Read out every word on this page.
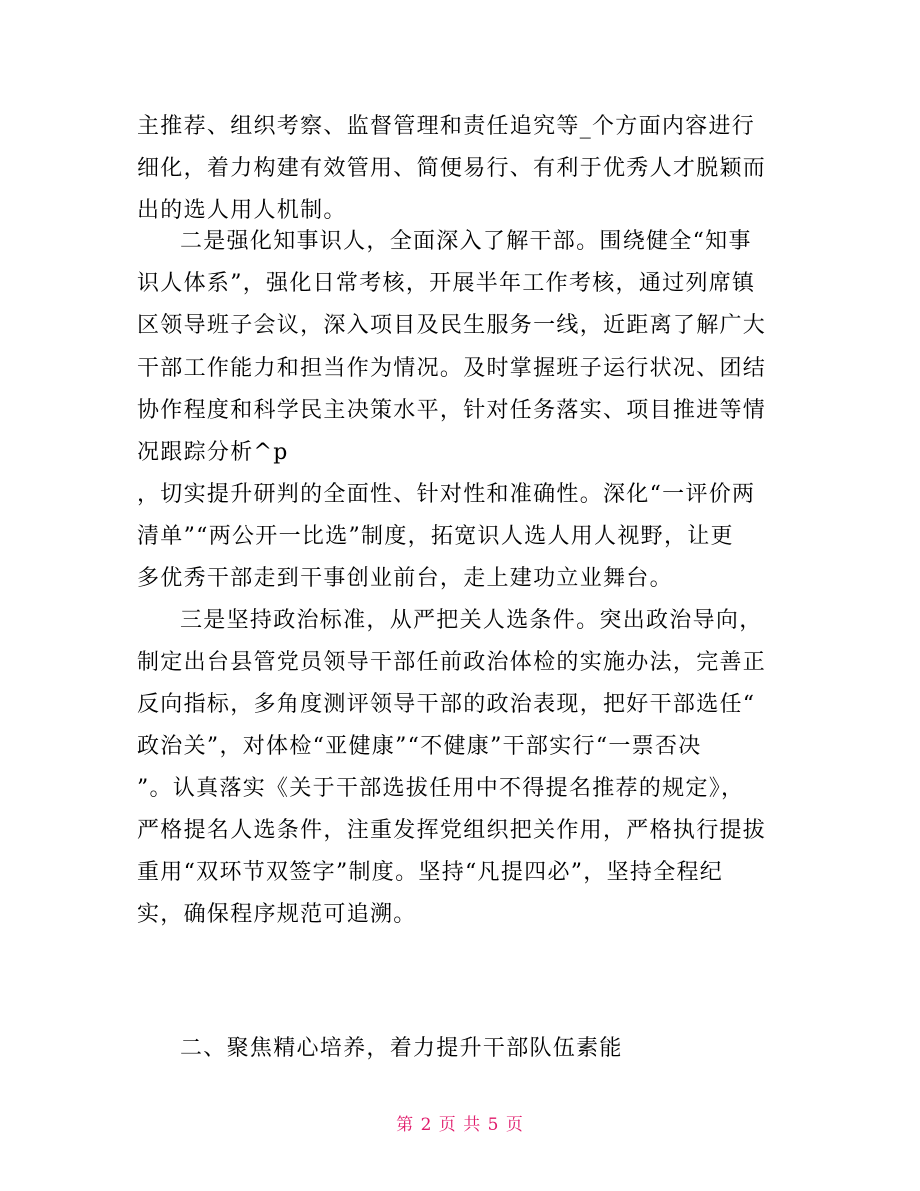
主推荐、组织考察、监督管理和责任追究等_个方面内容进行
细化，着力构建有效管用、简便易行、有利于优秀人才脱颖而
出的选人用人机制。
二是强化知事识人，全面深入了解干部。围绕健全“知事
识人体系”，强化日常考核，开展半年工作考核，通过列席镇
区领导班子会议，深入项目及民生服务一线，近距离了解广大
干部工作能力和担当作为情况。及时掌握班子运行状况、团结
协作程度和科学民主决策水平，针对任务落实、项目推进等情
况跟踪分析^p
，切实提升研判的全面性、针对性和准确性。深化“一评价两
清单”“两公开一比选”制度，拓宽识人选人用人视野，让更
多优秀干部走到干事创业前台，走上建功立业舞台。
三是坚持政治标准，从严把关人选条件。突出政治导向，
制定出台县管党员领导干部任前政治体检的实施办法，完善正
反向指标，多角度测评领导干部的政治表现，把好干部选任“
政治关”，对体检“亚健康”“不健康”干部实行“一票否决
”。认真落实《关于干部选拔任用中不得提名推荐的规定》，
严格提名人选条件，注重发挥党组织把关作用，严格执行提拔
重用“双环节双签字”制度。坚持“凡提四必”，坚持全程纪
实，确保程序规范可追溯。
二、聚焦精心培养，着力提升干部队伍素能
第 2 页 共 5 页
